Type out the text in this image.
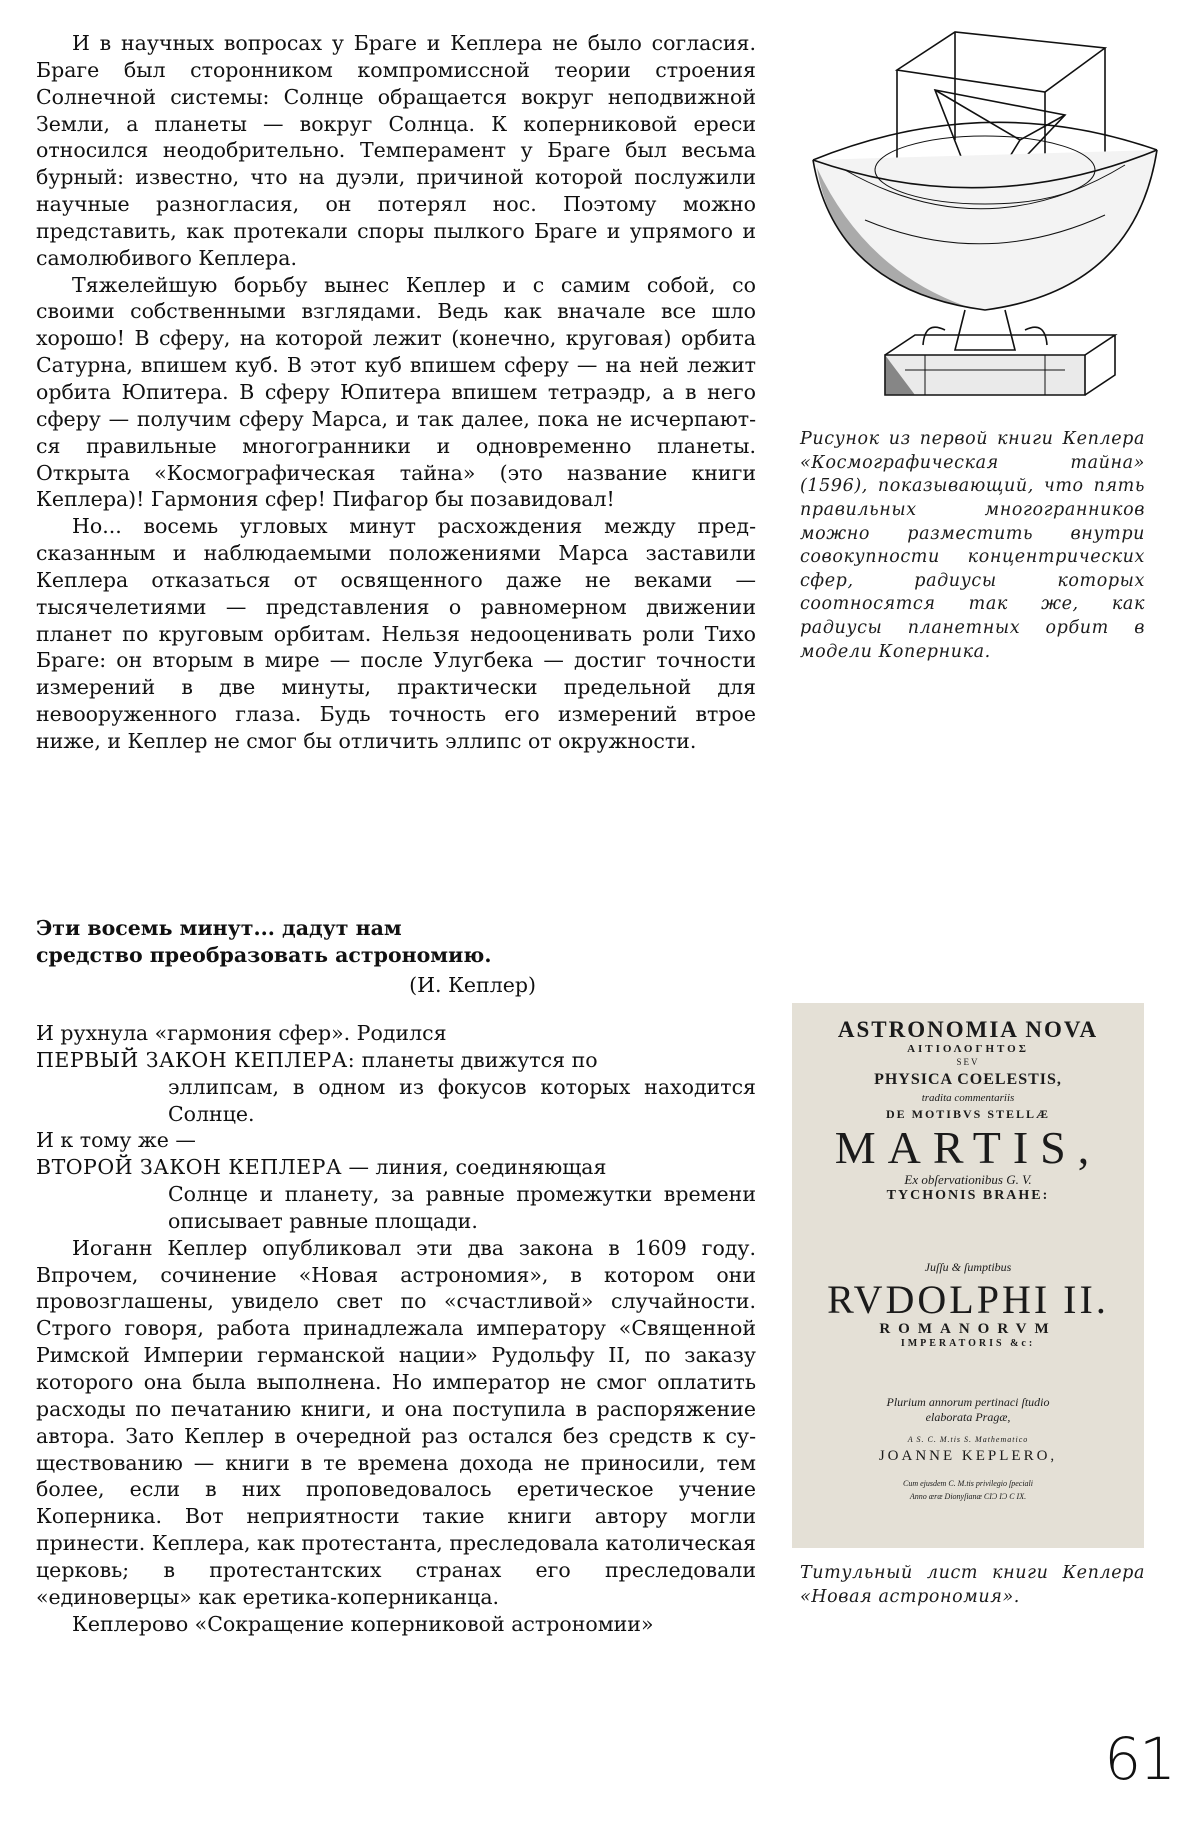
И в научных вопросах у Браге и Кеплера не было согласия. Браге был сторонником компромиссной теории строения Солнечной системы: Солнце обращается вокруг неподвижной Земли, а планеты — вокруг Солнца. К коперниковой ереси относился неодобрительно. Темперамент у Браге был весьма бурный: известно, что на дуэли, причиной которой послужили научные разногласия, он потерял нос. Поэтому можно представить, как протекали споры пылкого Браге и упрямого и самолюбивого Кеплера.

Тяжелейшую борьбу вынес Кеплер и с самим собой, со своими собственными взглядами. Ведь как вначале все шло хорошо! В сферу, на которой лежит (конечно, круговая) орбита Сатурна, впишем куб. В этот куб впишем сферу — на ней лежит орбита Юпитера. В сферу Юпитера впишем тетраэдр, а в него сферу — получим сферу Марса, и так далее, пока не исчерпаются правильные многогранники и одновременно планеты. Открыта «Космографическая тайна» (это название книги Кеплера)! Гармония сфер! Пифагор бы позавидовал!

Но... восемь угловых минут расхождения между предсказанным и наблюдаемыми положениями Марса заставили Кеплера отказаться от освященного даже не веками — тысячелетиями — представления о равномерном движении планет по круговым орбитам. Нельзя недооценивать роли Тихо Браге: он вторым в мире — после Улугбека — достиг точности измерений в две минуты, практически предельной для невооруженного глаза. Будь точность его измерений втрое ниже, и Кеплер не смог бы отличить эллипс от окружности.

Рисунок из первой книги Кеплера «Космографическая тайна» (1596), показывающий, что пять правильных многогранников можно разместить внутри совокупности концентрических сфер, радиусы которых соотносятся так же, как радиусы планетных орбит в модели Коперника.
Эти восемь минут... дадут нам
средство преобразовать астрономию.
(И. Кеплер)

И рухнула «гармония сфер». Родился

ПЕРВЫЙ ЗАКОН КЕПЛЕРА: планеты движутся по
эллипсам, в одном из фокусов которых находится Солнце.

И к тому же —

ВТОРОЙ ЗАКОН КЕПЛЕРА — линия, соединяющая
Солнце и планету, за равные промежутки времени описывает равные площади.

Иоганн Кеплер опубликовал эти два закона в 1609 году. Впрочем, сочинение «Новая астрономия», в котором они провозглашены, увидело свет по «счастливой» случайности. Строго говоря, работа принадлежала императору «Священной Римской Империи германской нации» Рудольфу II, по заказу которого она была выполнена. Но император не смог оплатить расходы по печатанию книги, и она поступила в распоряжение автора. Зато Кеплер в очередной раз остался без средств к существованию — книги в те времена дохода не приносили, тем более, если в них проповедовалось еретическое учение Коперника. Вот неприятности такие книги автору могли принести. Кеплера, как протестанта, преследовала католическая церковь; в протестантских странах его преследовали «единоверцы» как еретика-коперниканца.

Кеплерово «Сокращение коперниковой астрономии»

ASTRONOMIA NOVA
ΑΙΤΙΟΛΟΓΗΤΟΣ
SEV
PHYSICA COELESTIS,
tradita commentariis
DE MOTIBVS STELLÆ
MARTIS,
Ex obſervationibus G. V.
TYCHONIS BRAHE:
Juſſu & ſumptibus
RVDOLPHI II.
ROMANORVM
IMPERATORIS &c:
Plurium annorum pertinaci ſtudio
elaborata Pragæ,
A S. C. M.tis S. Mathematico
JOANNE KEPLERO,
Cum ejusdem C. M.tis privilegio ſpeciali
Anno æræ Dionyſianæ CIƆ IƆ C IX.
Титульный лист книги Кеплера «Новая астрономия».
61
